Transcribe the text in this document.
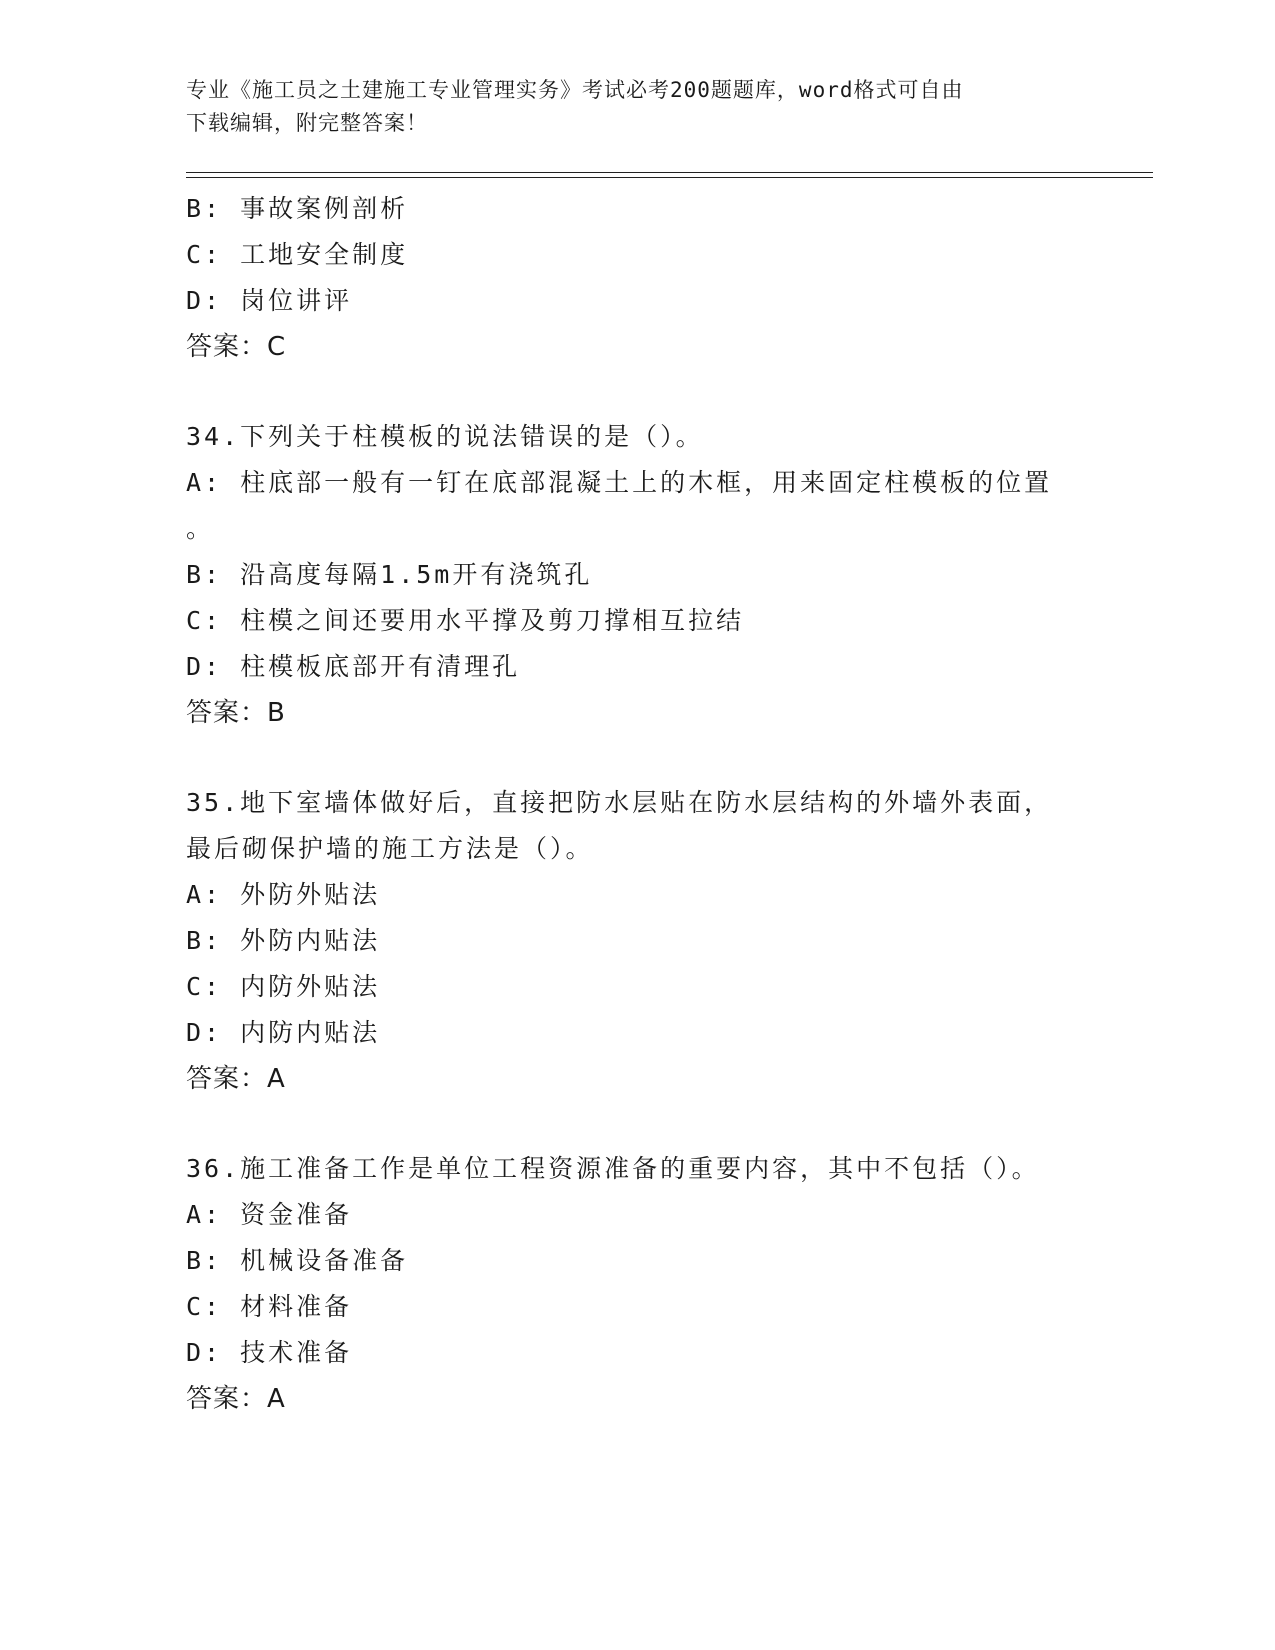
专业《施工员之土建施工专业管理实务》考试必考200题题库，word格式可自由
下载编辑，附完整答案！
B: 事故案例剖析
C: 工地安全制度
D: 岗位讲评
答案：C
34.下列关于柱模板的说法错误的是（）。
A: 柱底部一般有一钉在底部混凝土上的木框，用来固定柱模板的位置
。
B: 沿高度每隔1.5m开有浇筑孔
C: 柱模之间还要用水平撑及剪刀撑相互拉结
D: 柱模板底部开有清理孔
答案：B
35.地下室墙体做好后，直接把防水层贴在防水层结构的外墙外表面，
最后砌保护墙的施工方法是（）。
A: 外防外贴法
B: 外防内贴法
C: 内防外贴法
D: 内防内贴法
答案：A
36.施工准备工作是单位工程资源准备的重要内容，其中不包括（）。
A: 资金准备
B: 机械设备准备
C: 材料准备
D: 技术准备
答案：A
